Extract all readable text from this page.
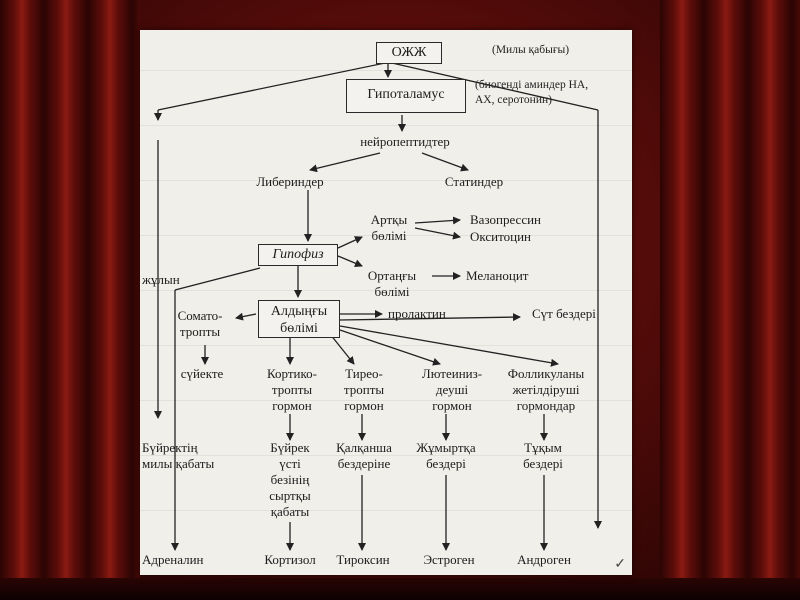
ОЖЖ	(Милы қабығы)
Гипоталамус
(биогенді аминдер НА,
АХ, серотонин)
нейропептидтер
Либериндер	Статиндер
Артқы
бөлімі
Вазопрессин
Окситоцин
Гипофиз
Ортаңғы
бөлімі
Меланоцит
жұлын
Сомато-
тропты
Алдыңғы
бөлімі
пролактин	Сүт бездері
сүйекте	Кортико-
тропты
гормон
Тирео-
тропты
гормон
Лютеиниз-
деуші
гормон
Фолликуланы
жетілдіруші
гормондар
Бүйректің
милы қабаты
Бүйрек
үсті
безінің
сыртқы
қабаты
Қалқанша
бездеріне
Жұмыртқа
бездері
Тұқым
бездері
Адреналин	Кортизол	Тироксин	Эстроген	Андроген	✓
